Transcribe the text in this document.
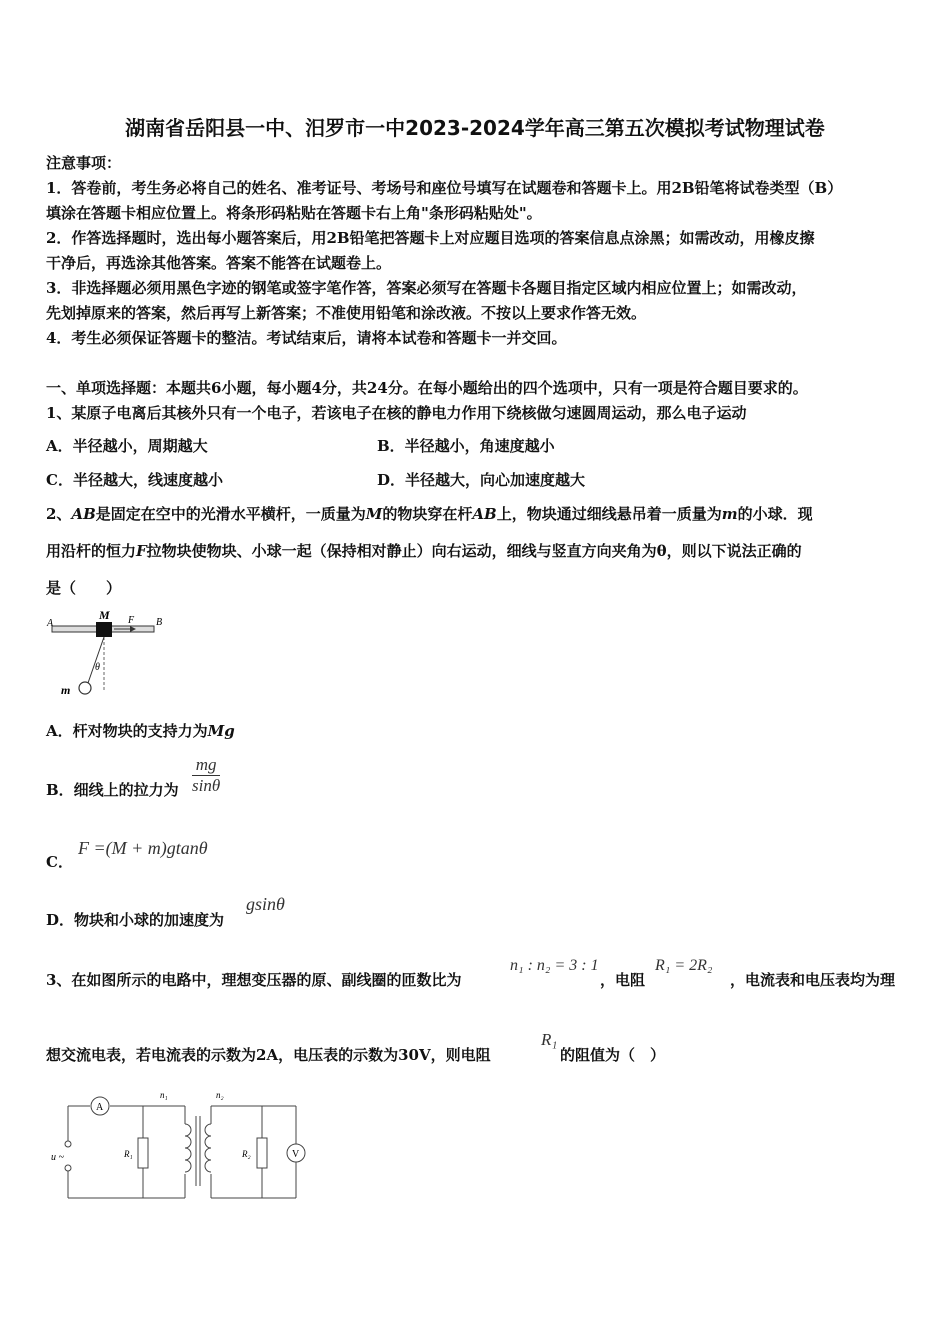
湖南省岳阳县一中、汨罗市一中2023-2024学年高三第五次模拟考试物理试卷
注意事项：
1．答卷前，考生务必将自己的姓名、准考证号、考场号和座位号填写在试题卷和答题卡上。用2B铅笔将试卷类型（B）
填涂在答题卡相应位置上。将条形码粘贴在答题卡右上角"条形码粘贴处"。
2．作答选择题时，选出每小题答案后，用2B铅笔把答题卡上对应题目选项的答案信息点涂黑；如需改动，用橡皮擦
干净后，再选涂其他答案。答案不能答在试题卷上。
3．非选择题必须用黑色字迹的钢笔或签字笔作答，答案必须写在答题卡各题目指定区域内相应位置上；如需改动，
先划掉原来的答案，然后再写上新答案；不准使用铅笔和涂改液。不按以上要求作答无效。
4．考生必须保证答题卡的整洁。考试结束后，请将本试卷和答题卡一并交回。
一、单项选择题：本题共6小题，每小题4分，共24分。在每小题给出的四个选项中，只有一项是符合题目要求的。
1、某原子电离后其核外只有一个电子，若该电子在核的静电力作用下绕核做匀速圆周运动，那么电子运动
A．半径越小，周期越大	B．半径越小，角速度越小
C．半径越大，线速度越小	D．半径越大，向心加速度越大
2、AB是固定在空中的光滑水平横杆，一质量为M的物块穿在杆AB上，物块通过细线悬吊着一质量为m的小球．现
用沿杆的恒力F拉物块使物块、小球一起（保持相对静止）向右运动，细线与竖直方向夹角为θ，则以下说法正确的
是（　　）
A	B
M F
θ
m
A．杆对物块的支持力为Mg
B．细线上的拉力为 $\frac{mg}{\sin\theta}$
C．
F =(M + m)gtanθ
D．物块和小球的加速度为
gsinθ
3、在如图所示的电路中，理想变压器的原、副线圈的匝数比为
n₁ : n₂ = 3 : 1
，电阻
R₁ = 2R₂
，电流表和电压表均为理
想交流电表，若电流表的示数为2A，电压表的示数为30V，则电阻
R₁
的阻值为（　）
A
V
n₁	n₂
R₁	R₂
u ~
